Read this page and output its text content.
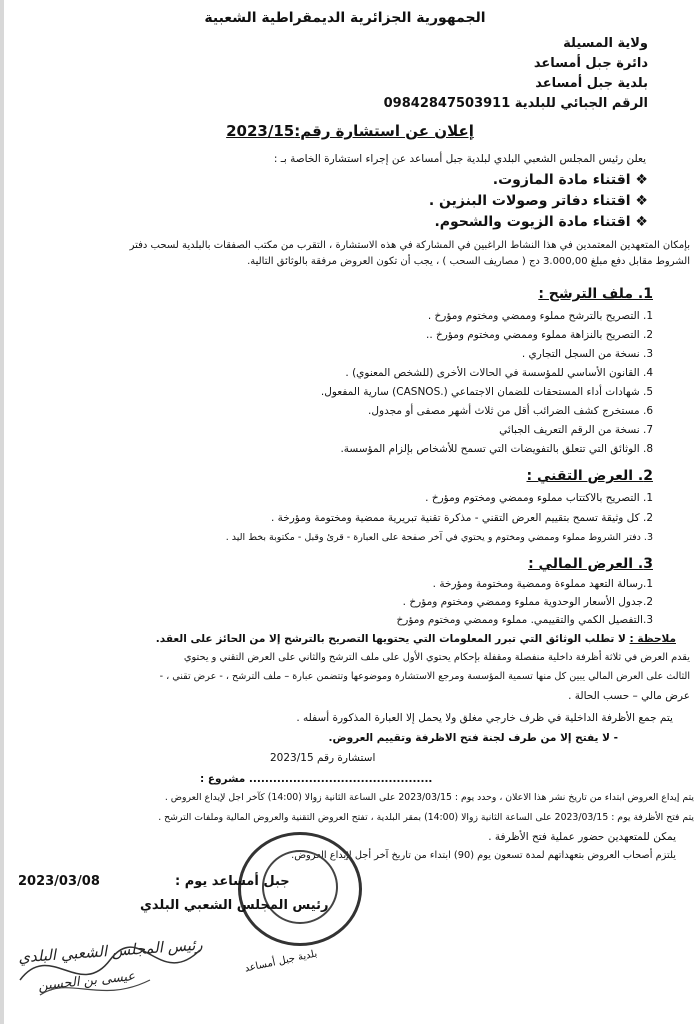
الجمهورية الجزائرية الديمقراطية الشعبية
ولاية المسيلة
دائرة جبل أمساعد
بلدية جبل أمساعد
الرقم الجبائي للبلدية 09842847503911
إعلان عن استشارة رقم:2023/15
يعلن رئيس المجلس الشعبي البلدي لبلدية جبل أمساعد عن إجراء استشارة الخاصة بـ :
❖ اقتناء مادة المازوت.
❖ اقتناء دفاتر وصولات البنزين .
❖ اقتناء مادة الزيوت والشحوم.
بإمكان المتعهدين المعتمدين في هذا النشاط الراغبين في المشاركة في هذه الاستشارة ، التقرب من مكتب الصفقات بالبلدية لسحب دفتر
الشروط مقابل دفع مبلغ 3.000,00 دج ( مصاريف السحب ) ، يجب أن تكون العروض مرفقة بالوثائق التالية.
1. ملف الترشح :
1. التصريح بالترشح مملوء وممضي ومختوم ومؤرخ .
2. التصريح بالنزاهة مملوء وممضي ومختوم ومؤرخ ..
3. نسخة من السجل التجاري .
4. القانون الأساسي للمؤسسة في الحالات الأخرى (للشخص المعنوي) .
5. شهادات أداء المستحقات للضمان الاجتماعي (.CASNOS) سارية المفعول.
6. مستخرج كشف الضرائب أقل من ثلاث أشهر مصفى أو مجدول.
7. نسخة من الرقم التعريف الجبائي
8. الوثائق التي تتعلق بالتفويضات التي تسمح للأشخاص بإلزام المؤسسة.
2. العرض التقني :
1. التصريح بالاكتتاب مملوء وممضي ومختوم ومؤرخ .
2. كل وثيقة تسمح بتقييم العرض التقني - مذكرة تقنية تبريرية ممضية ومختومة ومؤرخة .
3. دفتر الشروط مملوء وممضي ومختوم و يحتوي في آخر صفحة على العبارة - قرئ وقبل - مكتوبة بخط اليد .
3. العرض المالي :
1.رسالة التعهد مملوءة وممضية ومختومة ومؤرخة .
2.جدول الأسعار الوحدوية مملوء وممضي ومختوم ومؤرخ .
3.التفصيل الكمي والتقييمي. مملوء وممضي ومختوم ومؤرخ
ملاحظة : لا تطلب الوثائق التي تبرر المعلومات التي يحتويها التصريح بالترشح إلا من الحائز على العقد.
يقدم العرض في ثلاثة أظرفة داخلية منفصلة ومقفلة بإحكام يحتوي الأول على ملف الترشح والثاني على العرض التقني و يحتوي
الثالث على العرض المالي يبين كل منها تسمية المؤسسة ومرجع الاستشارة وموضوعها وتتضمن عبارة – ملف الترشح ، - عرض تقني ، -
عرض مالي – حسب الحالة .
يتم جمع الأظرفة الداخلية في ظرف خارجي مغلق ولا يحمل إلا العبارة المذكورة أسفله .
- لا يفتح إلا من طرف لجنة فتح الاظرفة وتقييم العروض.
استشارة رقم 2023/15
.............................................. مشروع :
يتم إيداع العروض ابتداء من تاريخ نشر هذا الاعلان ، وحدد يوم : 2023/03/15 على الساعة الثانية زوالا (14:00) كآخر اجل لإيداع العروض .
يتم فتح الأظرفة يوم : 2023/03/15 على الساعة الثانية زوالا (14:00) بمقر البلدية ، تفتح العروض التقنية والعروض المالية وملفات الترشح .
يمكن للمتعهدين حضور عملية فتح الأظرفة .
يلتزم أصحاب العروض بتعهداتهم لمدة تسعون يوم (90) ابتداء من تاريخ آخر أجل لإيداع العروض.
بلدية جبل أمساعد
جبل أمساعد يوم :
2023/03/08
رئيس المجلس الشعبي البلدي
رئيس المجلس الشعبي البلدي
عيسى بن الحسين
